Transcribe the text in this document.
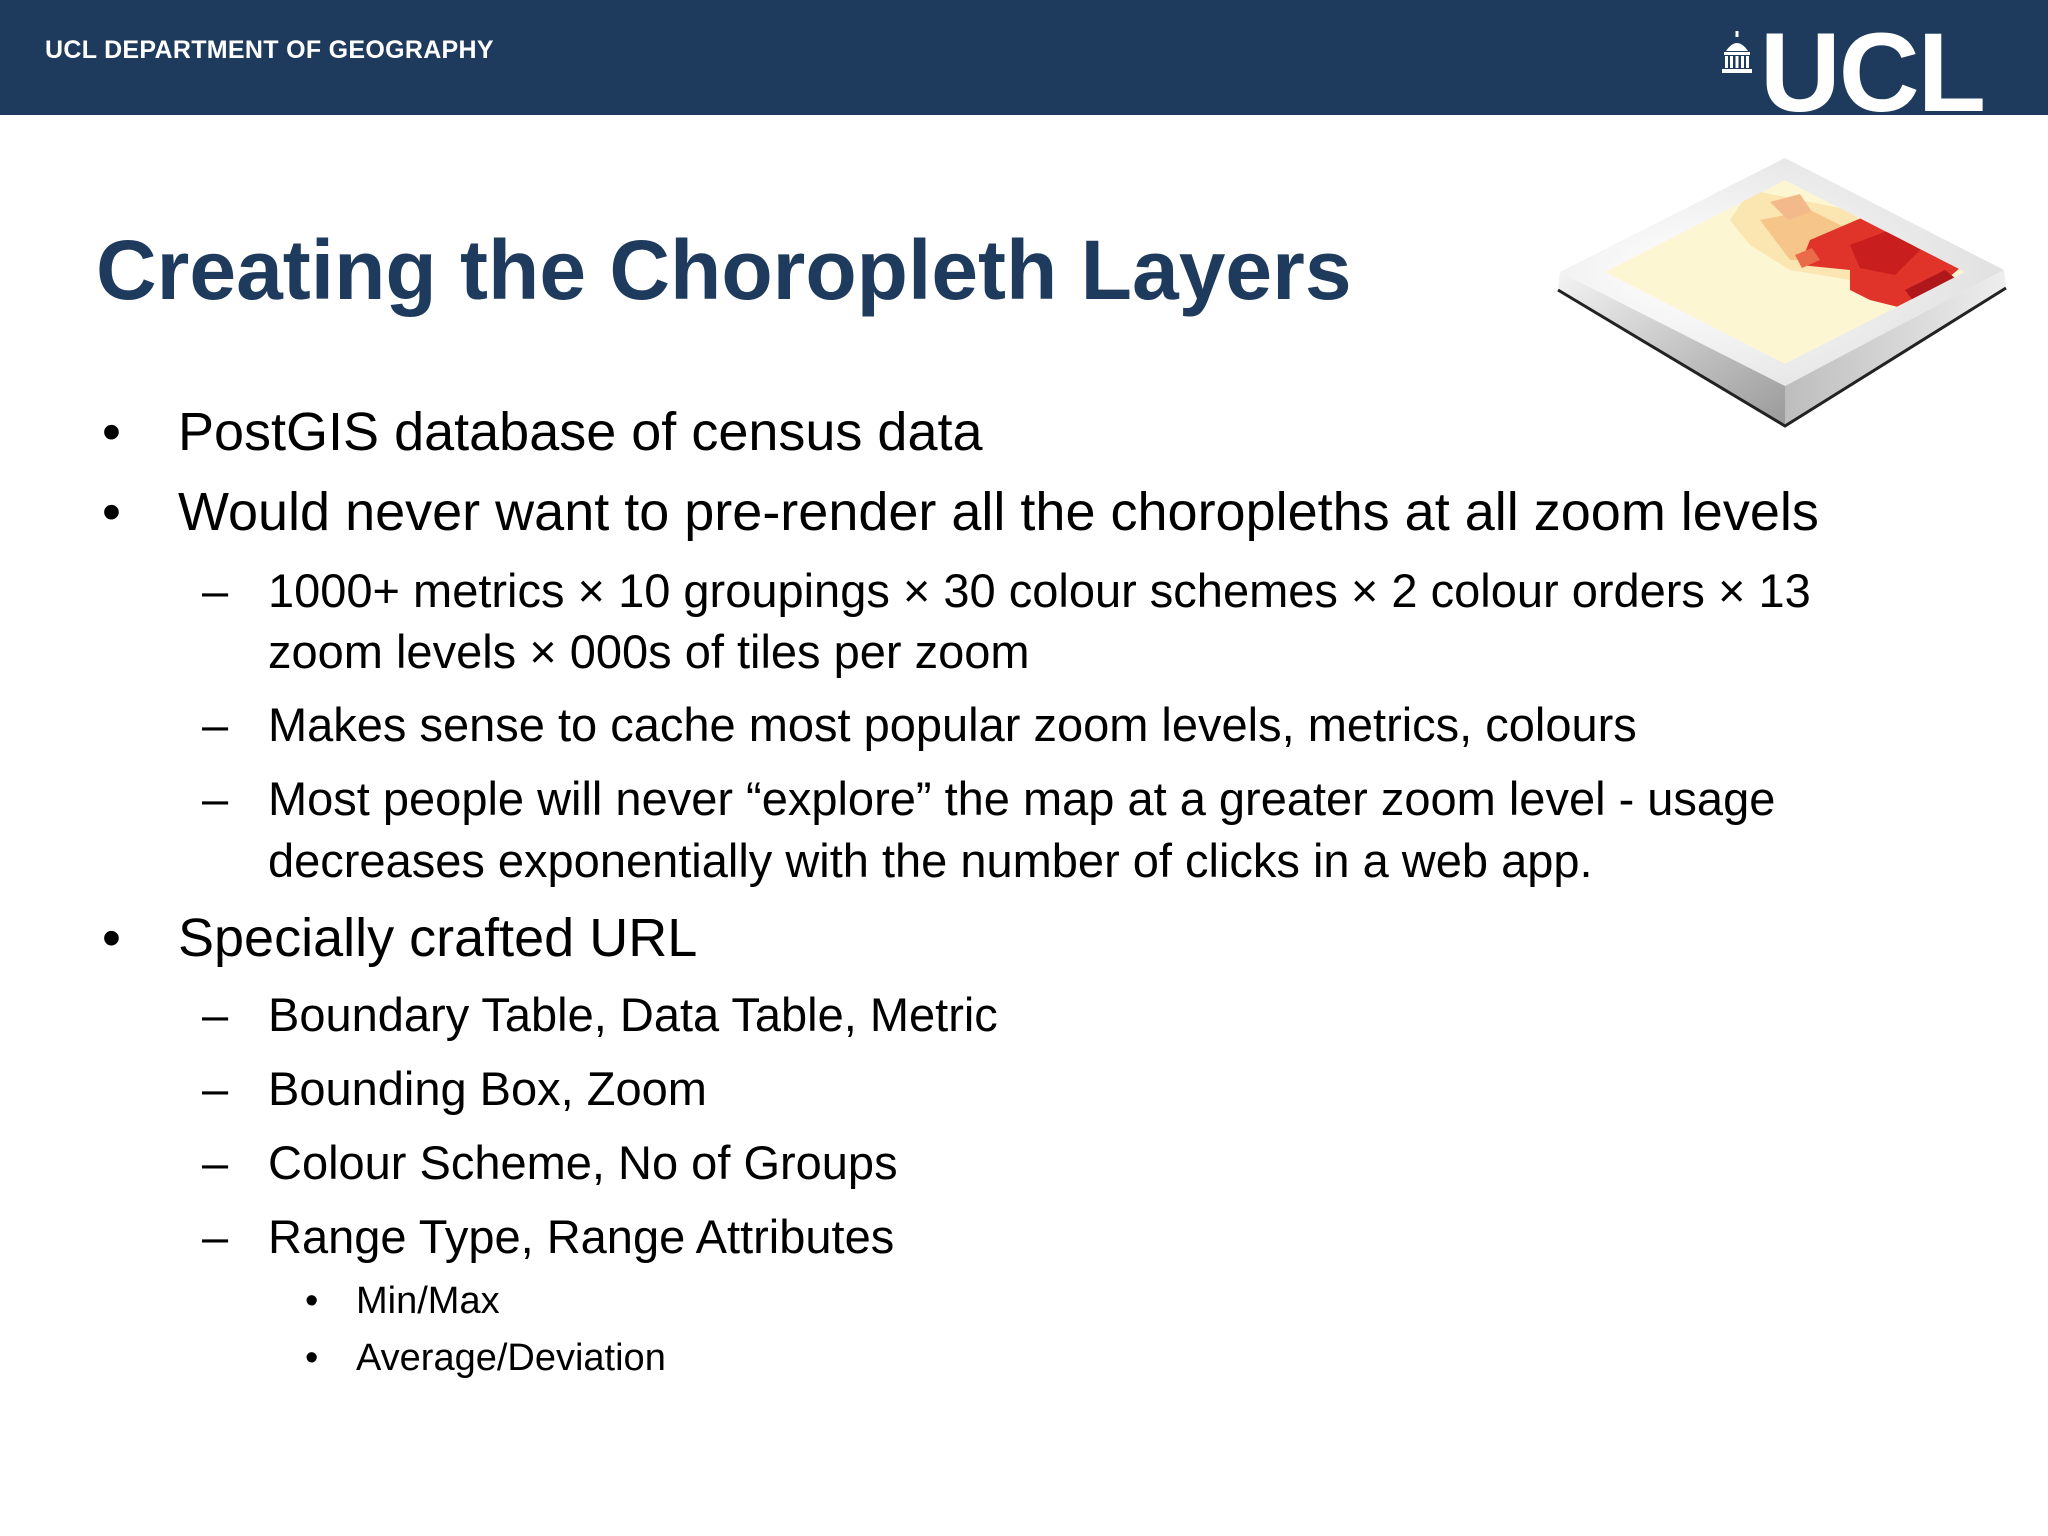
UCL DEPARTMENT OF GEOGRAPHY	UCL
Creating the Choropleth Layers
• PostGIS database of census data
• Would never want to pre-render all the choropleths at all zoom levels
– 1000+ metrics × 10 groupings × 30 colour schemes × 2 colour orders × 13
zoom levels × 000s of tiles per zoom
– Makes sense to cache most popular zoom levels, metrics, colours
– Most people will never “explore” the map at a greater zoom level - usage
decreases exponentially with the number of clicks in a web app.
• Specially crafted URL
– Boundary Table, Data Table, Metric
– Bounding Box, Zoom
– Colour Scheme, No of Groups
– Range Type, Range Attributes
• Min/Max
• Average/Deviation
